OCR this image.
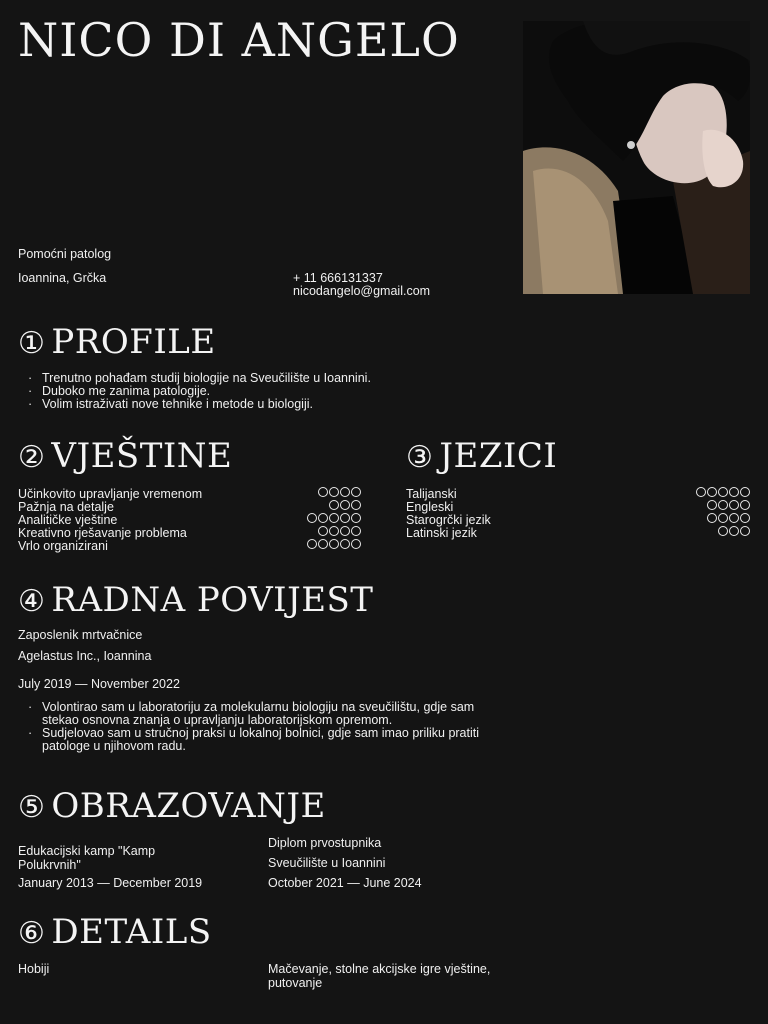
NICO DI ANGELO
Pomoćni patolog
Ioannina, Grčka	+ 11 666131337
nicodangelo@gmail.com
① PROFILE
· Trenutno pohađam studij biologije na Sveučilište u Ioannini.
· Duboko me zanima patologije.
· Volim istraživati nove tehnike i metode u biologiji.
② VJEŠTINE
Učinkovito upravljanje vremenom
Pažnja na detalje
Analitičke vještine
Kreativno rješavanje problema
Vrlo organizirani
③ JEZICI
Talijanski
Engleski
Starogrčki jezik
Latinski jezik
④ RADNA POVIJEST
Zaposlenik mrtvačnice
Agelastus Inc., Ioannina
July 2019 — November 2022
· Volontirao sam u laboratoriju za molekularnu biologiju na sveučilištu, gdje sam stekao osnovna znanja o upravljanju laboratorijskom opremom.
· Sudjelovao sam u stručnoj praksi u lokalnoj bolnici, gdje sam imao priliku pratiti patologe u njihovom radu.
⑤ OBRAZOVANJE
Edukacijski kamp "Kamp Polukrvnih"
January 2013 — December 2019
Diplom prvostupnika
Sveučilište u Ioannini
October 2021 — June 2024
⑥ DETAILS
Hobiji	Mačevanje, stolne akcijske igre vještine, putovanje
